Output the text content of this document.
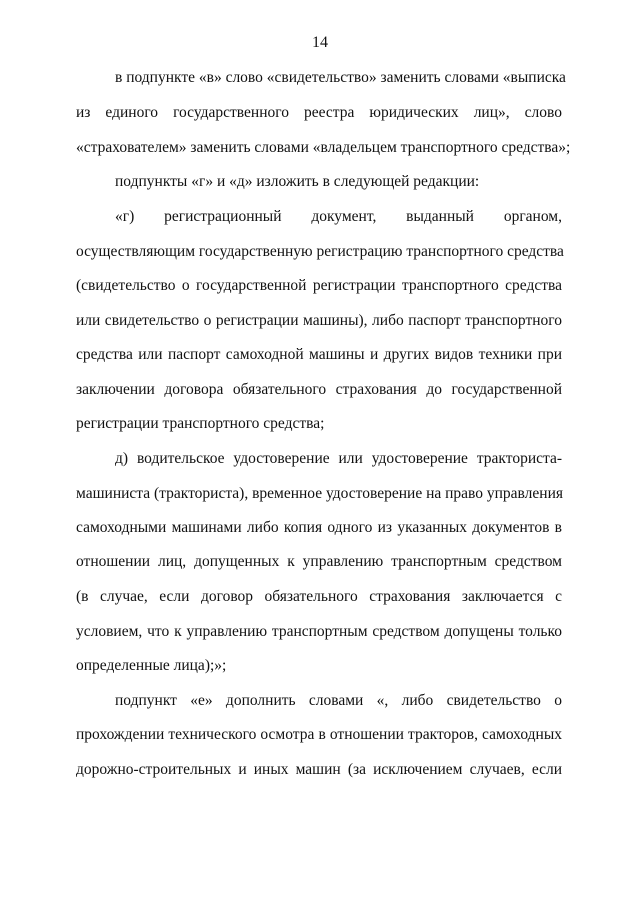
14
в подпункте «в» слово «свидетельство» заменить словами «выписка
из единого государственного реестра юридических лиц», слово
«страхователем» заменить словами «владельцем транспортного средства»;
подпункты «г» и «д» изложить в следующей редакции:
«г) регистрационный документ, выданный органом,
осуществляющим государственную регистрацию транспортного средства
(свидетельство о государственной регистрации транспортного средства
или свидетельство о регистрации машины), либо паспорт транспортного
средства или паспорт самоходной машины и других видов техники при
заключении договора обязательного страхования до государственной
регистрации транспортного средства;
д) водительское удостоверение или удостоверение тракториста-
машиниста (тракториста), временное удостоверение на право управления
самоходными машинами либо копия одного из указанных документов в
отношении лиц, допущенных к управлению транспортным средством
(в случае, если договор обязательного страхования заключается с
условием, что к управлению транспортным средством допущены только
определенные лица);»;
подпункт «е» дополнить словами «, либо свидетельство о
прохождении технического осмотра в отношении тракторов, самоходных
дорожно-строительных и иных машин (за исключением случаев, если
